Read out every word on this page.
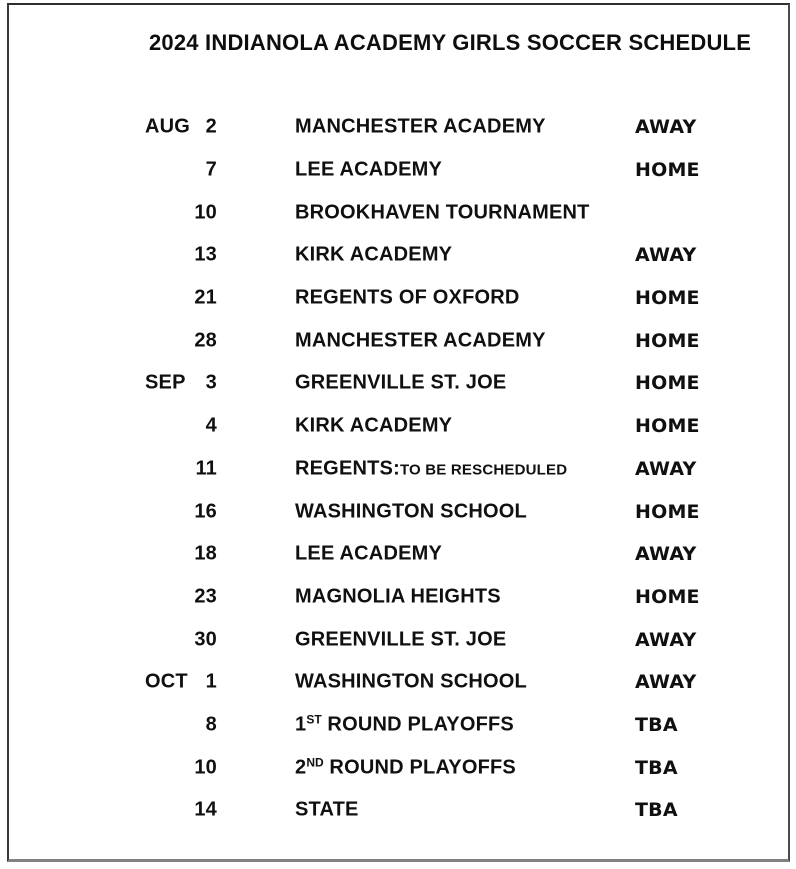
2024 INDIANOLA ACADEMY GIRLS SOCCER SCHEDULE
AUG 2	MANCHESTER ACADEMY	AWAY
7	LEE ACADEMY	HOME
10	BROOKHAVEN TOURNAMENT
13	KIRK ACADEMY	AWAY
21	REGENTS OF OXFORD	HOME
28	MANCHESTER ACADEMY	HOME
SEP 3	GREENVILLE ST. JOE	HOME
4	KIRK ACADEMY	HOME
11	REGENTS:TO BE RESCHEDULED	AWAY
16	WASHINGTON SCHOOL	HOME
18	LEE ACADEMY	AWAY
23	MAGNOLIA HEIGHTS	HOME
30	GREENVILLE ST. JOE	AWAY
OCT 1	WASHINGTON SCHOOL	AWAY
8	1ST ROUND PLAYOFFS	TBA
10	2ND ROUND PLAYOFFS	TBA
14	STATE	TBA
